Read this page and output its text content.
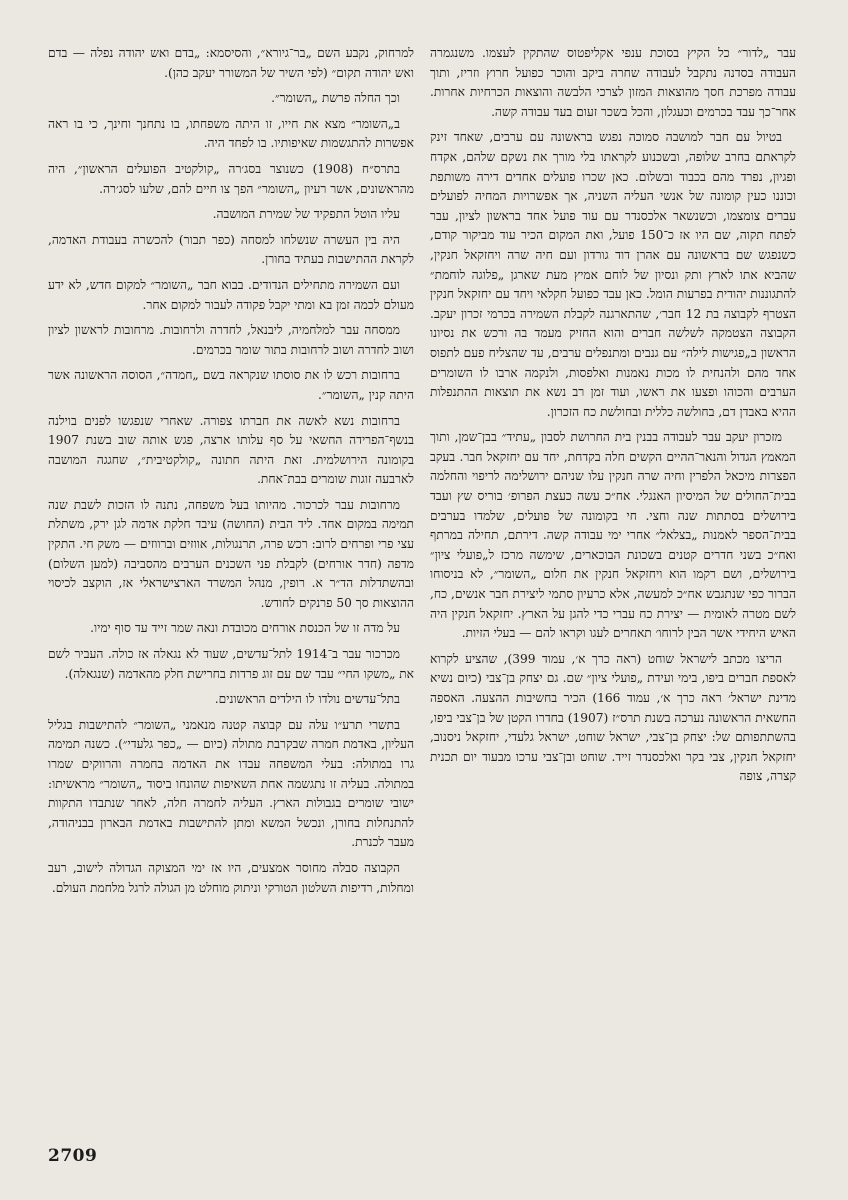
עבר „לדור״ כל הקיץ בסוכת ענפי אקליפטוס שהתקין לעצמו. משנגמרה העבודה בסדנה נתקבל לעבודה שחרה ביקב והוכר כפועל חרוץ וזריז, ותוך עבודה מפרכת חסך מהוצאות המזון לצרכי הלבשה והוצאות הכרחיות אחרות. אחר־כך עבד בכרמים וכעגלון, והכל בשכר זעום בעד עבודה קשה.

בטיול עם חבר למושבה סמוכה נפגש בראשונה עם ערבים, שאחד זינק לקראתם בחרב שלופה, ובשכנוע לקראתו בלי מורך את נשקם שלהם, אקדח ופגיון, נפרד מהם בכבוד ובשלום. כאן שכרו פועלים אחדים דירה משותפת וכוננו כעין קומונה של אנשי העליה השניה, אך אפשרויות המחיה לפועלים עברים צומצמו, וכשנשאר אלכסנדר עם עוד פועל אחד בראשון לציון, עבר לפתח תקוה, שם היו אז כ־150 פועל, ואת המקום הכיר עוד מביקור קודם, כשנפגש שם בראשונה עם אהרן דוד גורדון ועם חיה שרה ויחזקאל חנקין, שהביא אתו לארץ ותק ונסיון של לוחם אמיץ מעת שארגן „פלוגה לוחמת״ להתגוננות יהודית בפרעות הומל. כאן עבד כפועל חקלאי ויחד עם יחזקאל חנקין הצטרף לקבוצה בת 12 חבר׳, שהתארגנה לקבלת השמירה בכרמי זכרון יעקב. הקבוצה הצטמקה לשלשה חברים והוא החזיק מעמד בה ורכש את נסיונו הראשון ב„פגישות לילה״ עם גנבים ומתנפלים ערבים, עד שהצליח פעם לתפוס אחד מהם ולהנחית לו מכות נאמנות ואלפסות, ולנקמה ארבו לו השומרים הערבים והכוהו ופצעו את ראשו, ועוד זמן רב נשא את תוצאות ההתנפלות ההיא באבדן דם, בחולשה כללית ובחולשת כח הזכרון.

מזכרון יעקב עבר לעבודה בבנין בית החרושת לסבון „עתיד״ בבן־שמן, ותוך המאמץ הגדול והנאר־ההיים הקשים חלה בקדחת, יחד עם יחזקאל חבר. בעקב הפצרות מיכאל הלפרין וחיה שרה חנקין עלו שניהם ירושלימה לריפוי והחלמה בבית־החולים של המיסיון האנגלי. אח״כ עשה כעצת הפרופ׳ בוריס שץ ועבד בירושלים בסתתות שנה וחצי. חי בקומונה של פועלים, שלמדו בערבים בבית־הספר לאמנות „בצלאל״ אחרי ימי עבודה קשה. דירתם, תחילה במרתף ואח״כ בשני חדרים קטנים בשכונת הבוכארים, שימשה מרכז ל„פועלי ציון״ בירושלים, ושם רקמו הוא ויחזקאל חנקין את חלום „השומר״, לא בניסוחו הברור כפי שנתגבש אח״כ למעשה, אלא כרעיון סתמי ליצירת חבר אנשים, כח, לשם מטרה לאומית — יצירת כח עברי כדי להגן על הארץ. יחזקאל חנקין היה האיש היחידי אשר הבין לרוחו׳ תאחרים לעגו וקראו להם — בעלי הזיות.

הריצו מכתב לישראל שוחט (ראה כרך א׳, עמוד 399), שהציע לקרוא לאספת חברים ביפו, בימי ועידת „פועלי ציון״ שם. גם יצחק בן־צבי (כיום נשיא מדינת ישראל׳ ראה כרך א׳, עמוד 166) הכיר בחשיבות ההצעה. האספה החשאית הראשונה נערכה בשנת תרס״ז (1907) בחדרו הקטן של בן־צבי ביפו, בהשתתפותם של: יצחק בן־צבי, ישראל שוחט, ישראל גלעדי, יחזקאל ניסנוב, יחזקאל חנקין, צבי בקר ואלכסנדר זייד. שוחט ובן־צבי ערכו מבעוד יום תכנית קצרה, צופה

למרחוק, נקבע השם „בר־גיורא״, והסיסמא: „בדם ואש יהודה נפלה — בדם ואש יהודה תקום״ (לפי השיר של המשורר יעקב כהן).

וכך החלה פרשת „השומר״.

ב„השומר״ מצא את חייו, זו היתה משפחתו, בו נתחנך וחינך, כי בו ראה אפשרות להתגשמות שאיפותיו. בו לפחד היה.

בתרס״ח (1908) כשנוצר בסג׳רה „קולקטיב הפועלים הראשון״, היה מהראשונים, אשר רעיון „השומר״ הפך צו חיים להם, שלעו לסג׳רה.

עליו הוטל התפקיד של שמירת המושבה.

היה בין העשרה שנשלחו למסחה (כפר תבור) להכשרה בעבודת האדמה, לקראת ההתישבות בעתיד בחורן.

ועם השמירה מתחילים הנדודים. בבוא חבר „השומר״ למקום חדש, לא ידע מעולם לכמה זמן בא ומתי יקבל פקודה לעבור למקום אחר.

ממסחה עבר למלחמיה, ליבנאל, לחדרה ולרחובות. מרחובות לראשון לציון ושוב לחדרה ושוב לרחובות בתור שומר בכרמים.

ברחובות רכש לו את סוסתו שנקראה בשם „חמדה״, הסוסה הראשונה אשר היתה קנין „השומר״.

ברחובות נשא לאשה את חברתו צפורה. שאחרי שנפגשו לפנים בוילנה בנשף־הפרידה החשאי על סף עלותו ארצה, פגש אותה שוב בשנת 1907 בקומונה הירושלמית. זאת היתה חתונה „קולקטיבית״, שחגגה המושבה לארבעה זוגות שומרים בבת־אחת.

מרחובות עבר לכרכור. מהיותו בעל משפחה, נתנה לו הזכות לשבת שנה תמימה במקום אחד. ליד הבית (החושה) עיבד חלקת אדמה לגן ירק, משתלת עצי פרי ופרחים לרוב: רכש פרה, תרנגולות, אווזים וברווזים — משק חי. התקין מדפה (חדר אורחים) לקבלת פני השכנים הערבים מהסביבה (למען השלום) ובהשתדלות הד״ר א. רופין, מנהל המשרד הארצישראלי אז, הוקצב לכיסוי ההוצאות סך 50 פרנקים לחודש.

על מדה זו של הכנסת אורחים מכובדת ונאה שמר זייד עד סוף ימיו.

מכרכור עבר ב־1914 לתל־עדשים, שעוד לא נגאלה אז כולה. העביר לשם את „משקו החי״ עבד שם עם זוג פרדות בחרישת חלק מהאדמה (שנגאלה).

בתל־עדשים נולדו לו הילדים הראשונים.

בתשרי תרע״ו עלה עם קבוצה קטנה מנאמני „השומר״ להתישבות בגליל העליון, באדמת חמרה שבקרבת מתולה (כיום — „כפר גלעדי״). כשנה תמימה גרו במתולה: בעלי המשפחה עבדו את האדמה בחמרה והרווקים שמרו במתולה. בעליה זו נתגשמה אחת השאיפות שהונחו ביסוד „השומר״ מראשיתו: ישובי שומרים בגבולות הארץ. העליה לחמרה חלה, לאחר שנתבדו התקוות להתנחלות בחורן, ונכשל המשא ומתן להתישבות באדמת הבארון בבניהודה, מעבר לכנרת.

הקבוצה סבלה מחוסר אמצעים, היו אז ימי המצוקה הגדולה לישוב, רעב ומחלות, רדיפות השלטון הטורקי וניתוק מוחלט מן הגולה לרגל מלחמת העולם.

2709
